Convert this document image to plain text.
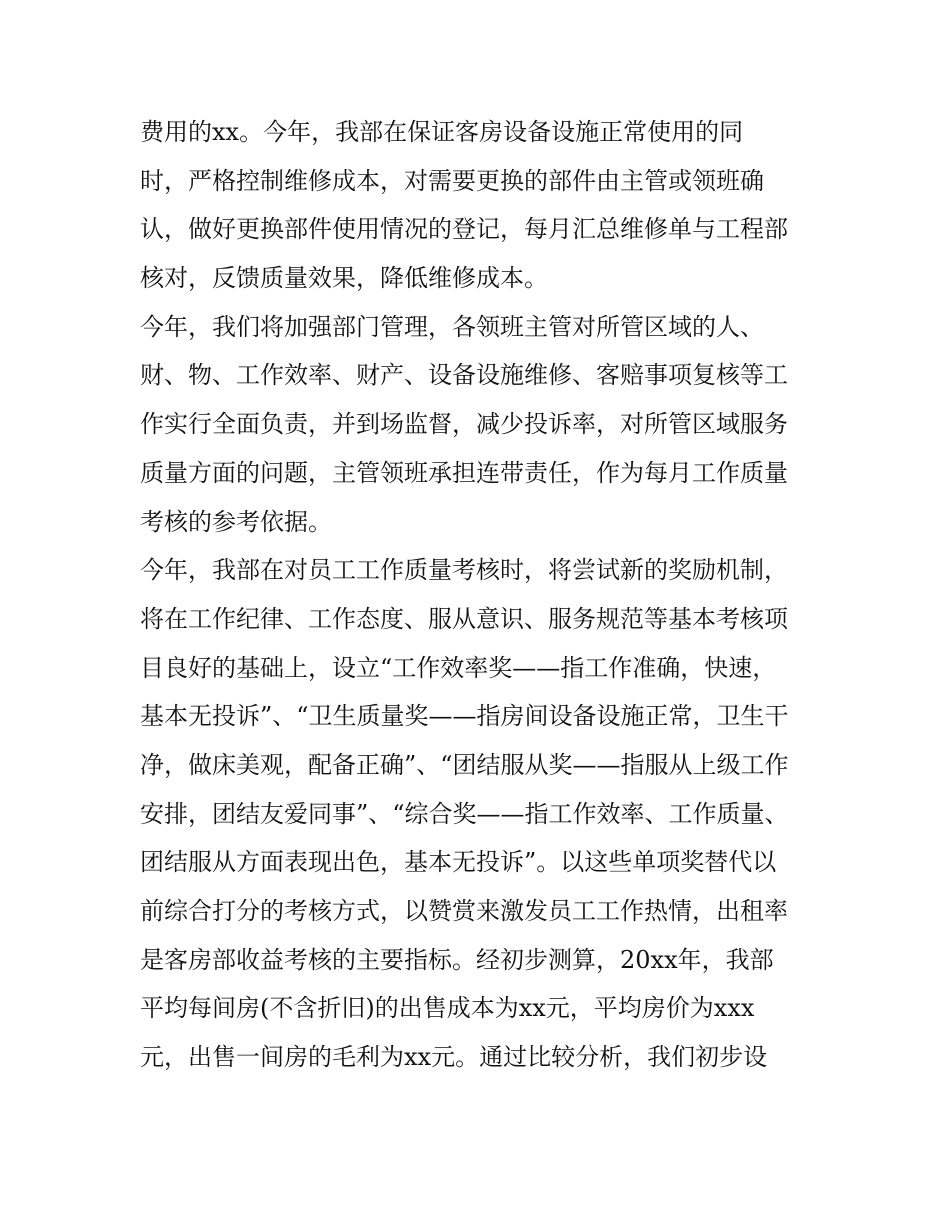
费用的xx。今年，我部在保证客房设备设施正常使用的同
时，严格控制维修成本，对需要更换的部件由主管或领班确
认，做好更换部件使用情况的登记，每月汇总维修单与工程部
核对，反馈质量效果，降低维修成本。
今年，我们将加强部门管理，各领班主管对所管区域的人、
财、物、工作效率、财产、设备设施维修、客赔事项复核等工
作实行全面负责，并到场监督，减少投诉率，对所管区域服务
质量方面的问题，主管领班承担连带责任，作为每月工作质量
考核的参考依据。
今年，我部在对员工工作质量考核时，将尝试新的奖励机制，
将在工作纪律、工作态度、服从意识、服务规范等基本考核项
目良好的基础上，设立“工作效率奖——指工作准确，快速，
基本无投诉”、“卫生质量奖——指房间设备设施正常，卫生干
净，做床美观，配备正确”、“团结服从奖——指服从上级工作
安排，团结友爱同事”、“综合奖——指工作效率、工作质量、
团结服从方面表现出色，基本无投诉”。以这些单项奖替代以
前综合打分的考核方式，以赞赏来激发员工工作热情，出租率
是客房部收益考核的主要指标。经初步测算，20xx年，我部
平均每间房(不含折旧)的出售成本为xx元，平均房价为xxx
元，出售一间房的毛利为xx元。通过比较分析，我们初步设
